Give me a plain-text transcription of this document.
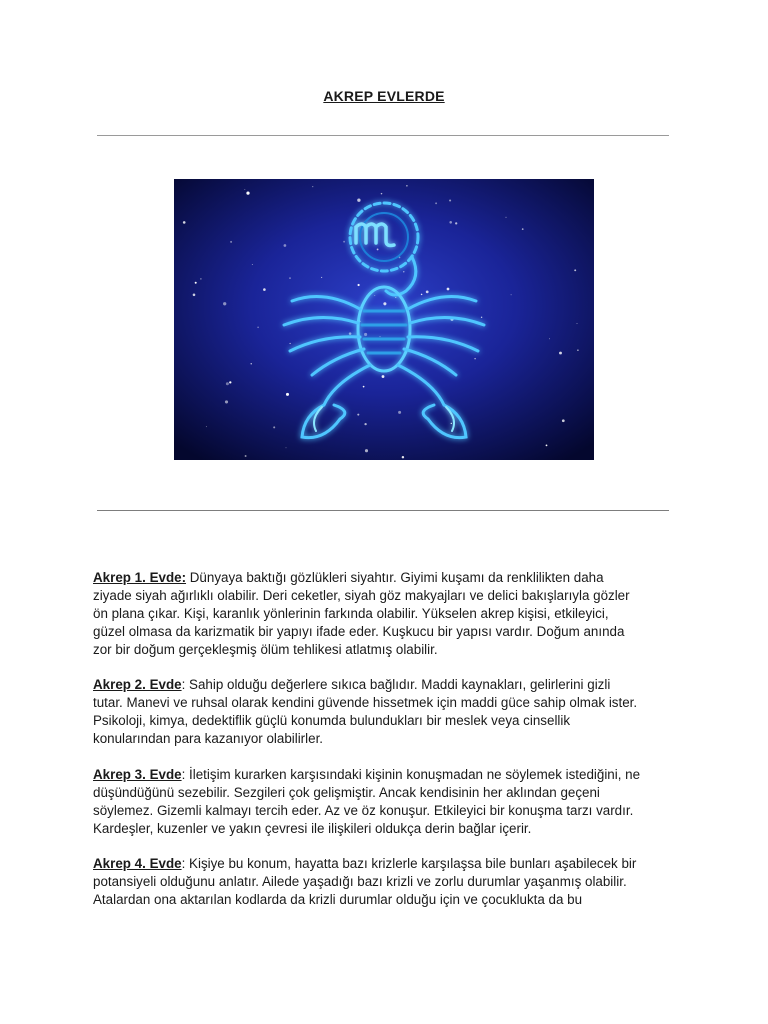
AKREP EVLERDE

Akrep 1. Evde: Dünyaya baktığı gözlükleri siyahtır. Giyimi kuşamı da renklilikten daha
ziyade siyah ağırlıklı olabilir. Deri ceketler, siyah göz makyajları ve delici bakışlarıyla gözler
ön plana çıkar. Kişi, karanlık yönlerinin farkında olabilir. Yükselen akrep kişisi, etkileyici,
güzel olmasa da karizmatik bir yapıyı ifade eder. Kuşkucu bir yapısı vardır. Doğum anında
zor bir doğum gerçekleşmiş ölüm tehlikesi atlatmış olabilir.

Akrep 2. Evde: Sahip olduğu değerlere sıkıca bağlıdır. Maddi kaynakları, gelirlerini gizli
tutar. Manevi ve ruhsal olarak kendini güvende hissetmek için maddi güce sahip olmak ister.
Psikoloji, kimya, dedektiflik güçlü konumda bulundukları bir meslek veya cinsellik
konularından para kazanıyor olabilirler.

Akrep 3. Evde: İletişim kurarken karşısındaki kişinin konuşmadan ne söylemek istediğini, ne
düşündüğünü sezebilir. Sezgileri çok gelişmiştir. Ancak kendisinin her aklından geçeni
söylemez. Gizemli kalmayı tercih eder. Az ve öz konuşur. Etkileyici bir konuşma tarzı vardır.
Kardeşler, kuzenler ve yakın çevresi ile ilişkileri oldukça derin bağlar içerir.

Akrep 4. Evde: Kişiye bu konum, hayatta bazı krizlerle karşılaşsa bile bunları aşabilecek bir
potansiyeli olduğunu anlatır. Ailede yaşadığı bazı krizli ve zorlu durumlar yaşanmış olabilir.
Atalardan ona aktarılan kodlarda da krizli durumlar olduğu için ve çocuklukta da bu
